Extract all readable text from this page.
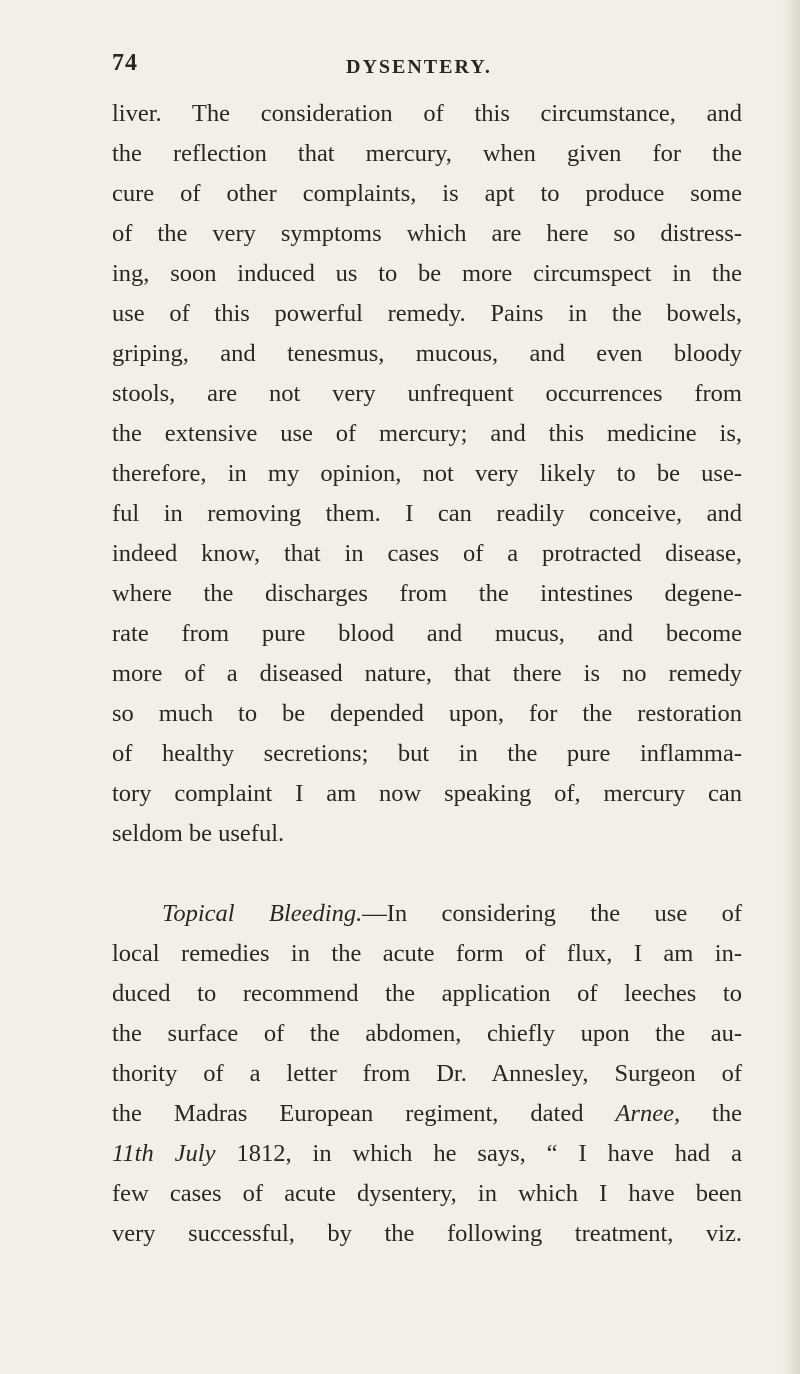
74	DYSENTERY.
liver. The consideration of this circumstance, and
the reflection that mercury, when given for the
cure of other complaints, is apt to produce some
of the very symptoms which are here so distress-
ing, soon induced us to be more circumspect in the
use of this powerful remedy. Pains in the bowels,
griping, and tenesmus, mucous, and even bloody
stools, are not very unfrequent occurrences from
the extensive use of mercury; and this medicine is,
therefore, in my opinion, not very likely to be use-
ful in removing them. I can readily conceive, and
indeed know, that in cases of a protracted disease,
where the discharges from the intestines degene-
rate from pure blood and mucus, and become
more of a diseased nature, that there is no remedy
so much to be depended upon, for the restoration
of healthy secretions; but in the pure inflamma-
tory complaint I am now speaking of, mercury can
seldom be useful.
Topical Bleeding.—In considering the use of
local remedies in the acute form of flux, I am in-
duced to recommend the application of leeches to
the surface of the abdomen, chiefly upon the au-
thority of a letter from Dr. Annesley, Surgeon of
the Madras European regiment, dated Arnee, the
11th July 1812, in which he says, “ I have had a
few cases of acute dysentery, in which I have been
very successful, by the following treatment, viz.
